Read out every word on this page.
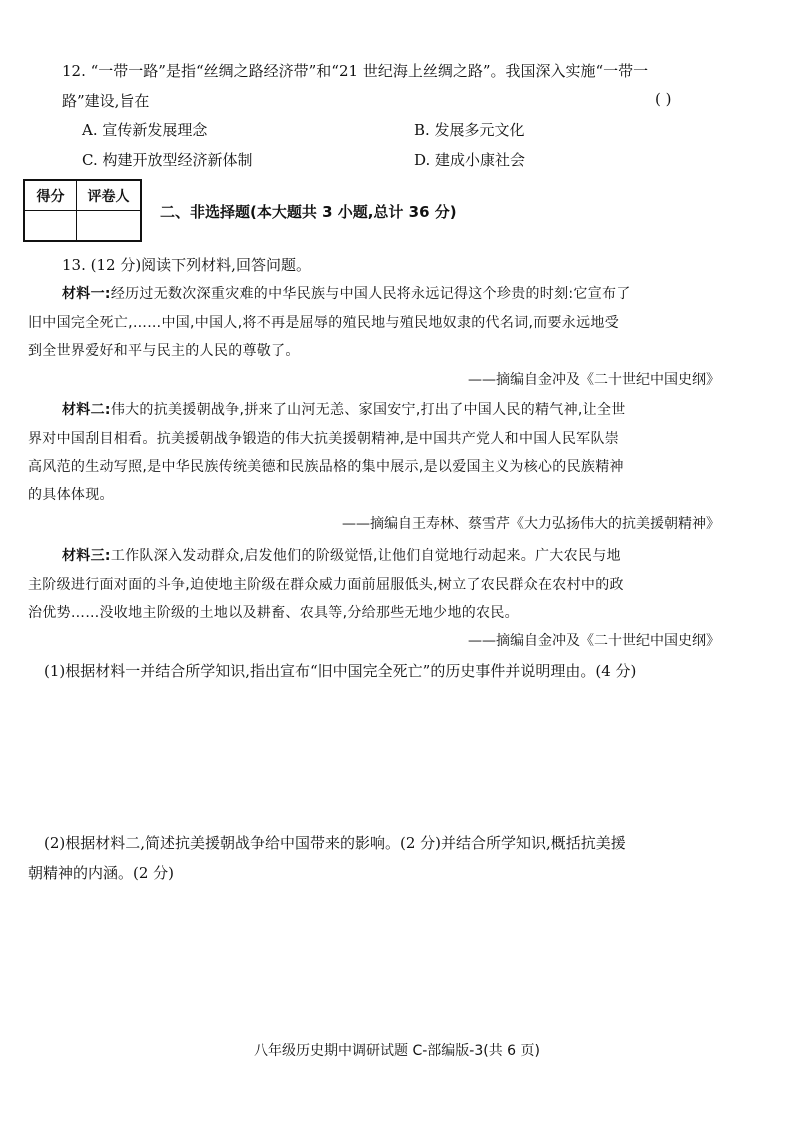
12. “一带一路”是指“丝绸之路经济带”和“21 世纪海上丝绸之路”。我国深入实施“一带一
路”建设,旨在	( )
A. 宣传新发展理念	B. 发展多元文化
C. 构建开放型经济新体制	D. 建成小康社会
得分	评卷人
二、非选择题(本大题共 3 小题,总计 36 分)
13. (12 分)阅读下列材料,回答问题。
材料一:经历过无数次深重灾难的中华民族与中国人民将永远记得这个珍贵的时刻:它宣布了
旧中国完全死亡,……中国,中国人,将不再是屈辱的殖民地与殖民地奴隶的代名词,而要永远地受
到全世界爱好和平与民主的人民的尊敬了。
——摘编自金冲及《二十世纪中国史纲》
材料二:伟大的抗美援朝战争,拼来了山河无恙、家国安宁,打出了中国人民的精气神,让全世
界对中国刮目相看。抗美援朝战争锻造的伟大抗美援朝精神,是中国共产党人和中国人民军队崇
高风范的生动写照,是中华民族传统美德和民族品格的集中展示,是以爱国主义为核心的民族精神
的具体体现。
——摘编自王寿林、蔡雪芹《大力弘扬伟大的抗美援朝精神》
材料三:工作队深入发动群众,启发他们的阶级觉悟,让他们自觉地行动起来。广大农民与地
主阶级进行面对面的斗争,迫使地主阶级在群众威力面前屈服低头,树立了农民群众在农村中的政
治优势……没收地主阶级的土地以及耕畜、农具等,分给那些无地少地的农民。
——摘编自金冲及《二十世纪中国史纲》
(1)根据材料一并结合所学知识,指出宣布“旧中国完全死亡”的历史事件并说明理由。(4 分)
(2)根据材料二,简述抗美援朝战争给中国带来的影响。(2 分)并结合所学知识,概括抗美援
朝精神的内涵。(2 分)
八年级历史期中调研试题 C-部编版-3(共 6 页)
